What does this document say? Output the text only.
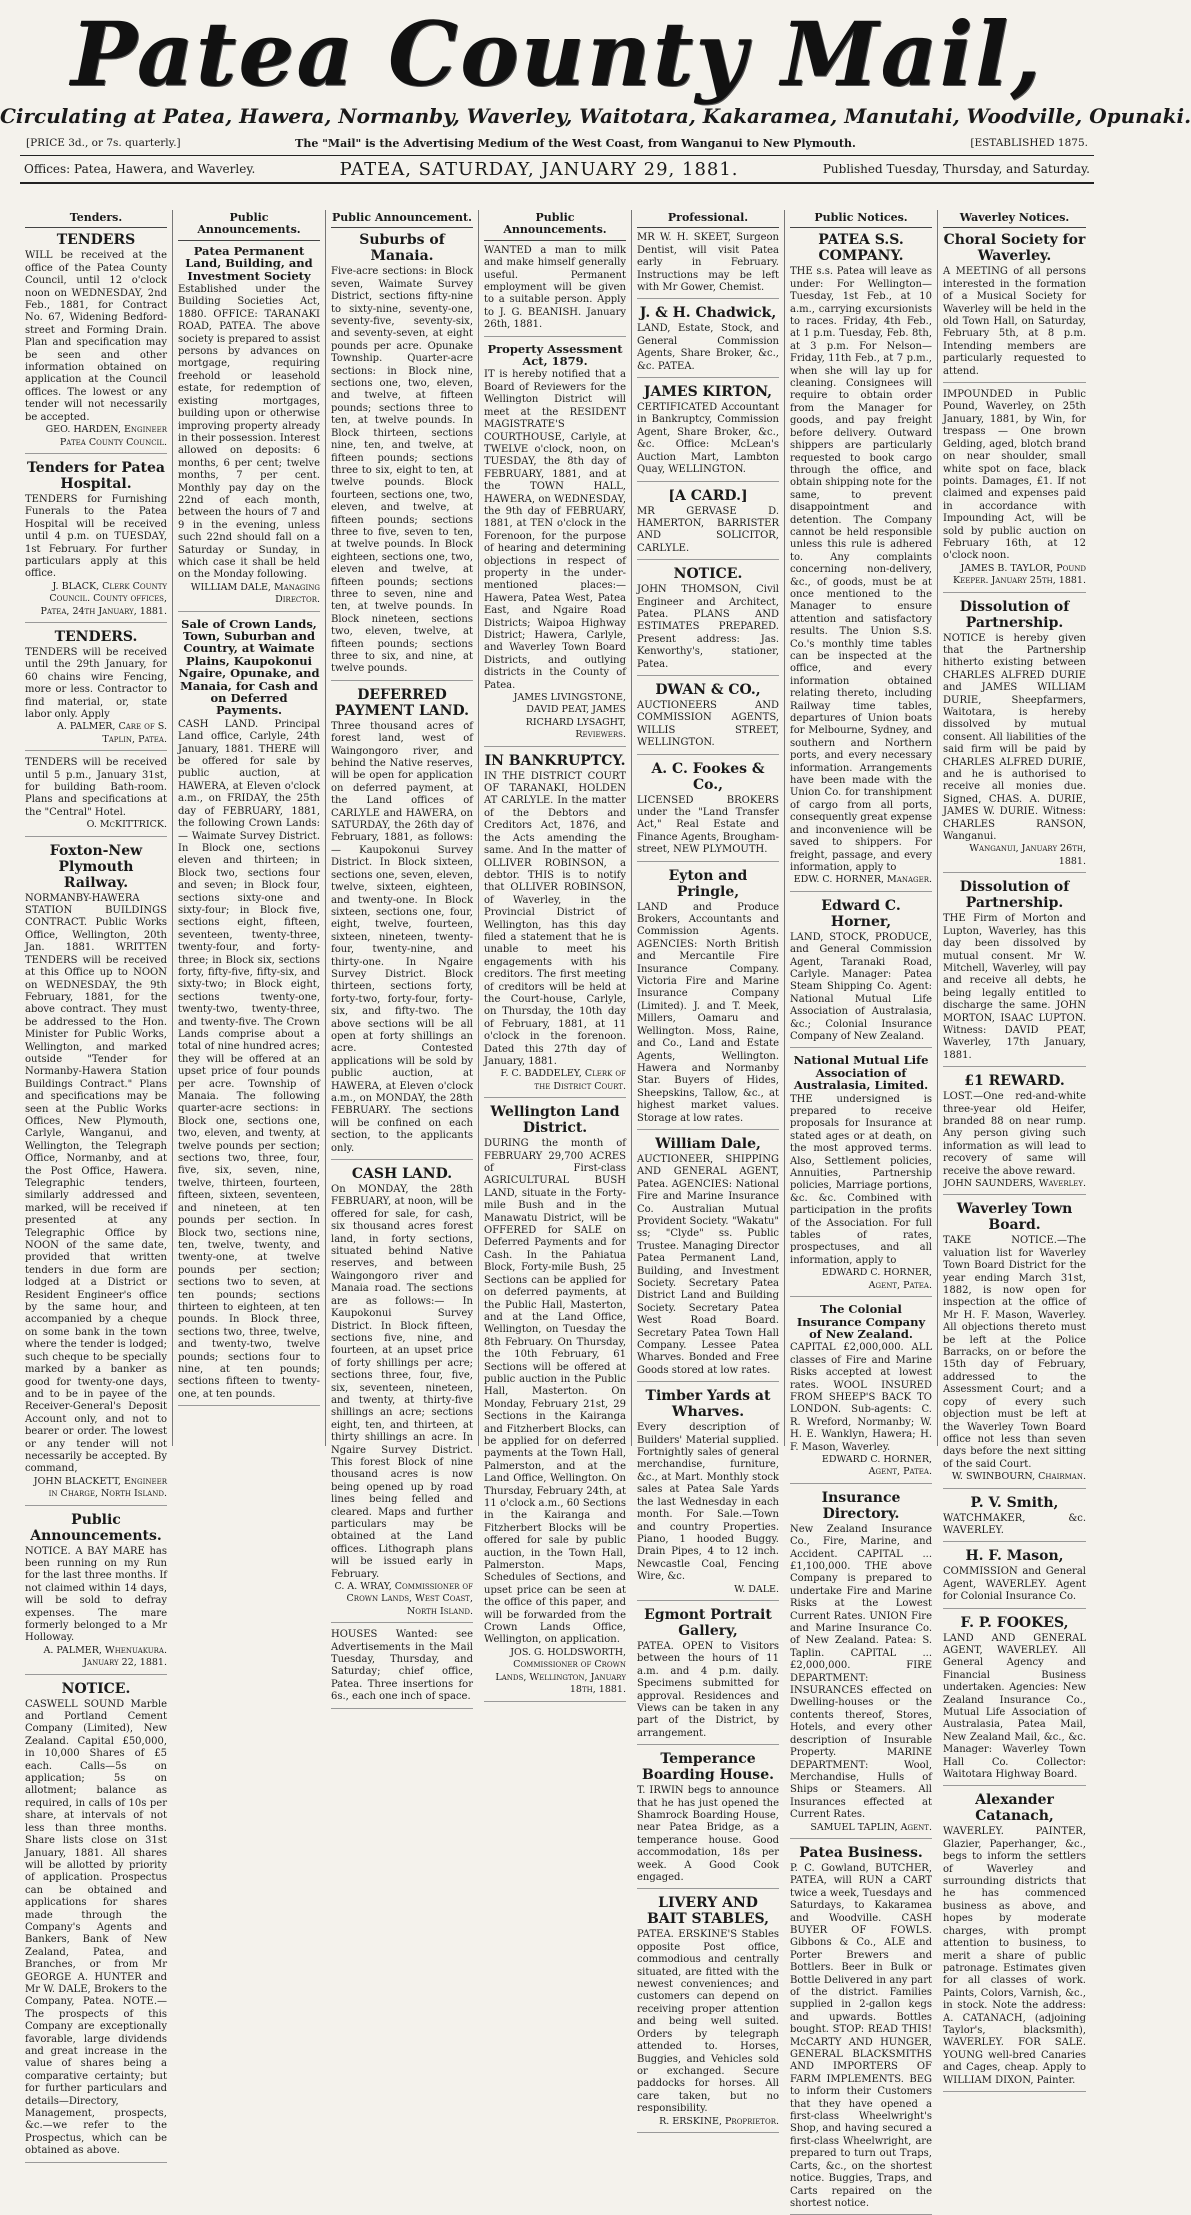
Patea County Mail,
Circulating at Patea, Hawera, Normanby, Waverley, Waitotara, Kakaramea, Manutahi, Woodville, Opunaki.
[PRICE 3d., or 7s. quarterly.]	The "Mail" is the Advertising Medium of the West Coast, from Wanganui to New Plymouth.	[ESTABLISHED 1875.
Offices: Patea, Hawera, and Waverley.	PATEA, SATURDAY, JANUARY 29, 1881.	Published Tuesday, Thursday, and Saturday.
Tenders.
TENDERS
WILL be received at the office of the Patea County Council, until 12 o'clock noon on WEDNESDAY, 2nd Feb., 1881, for Contract No. 67, Widening Bedford-street and Forming Drain. Plan and specification may be seen and other information obtained on application at the Council offices. The lowest or any tender will not necessarily be accepted.
GEO. HARDEN, Engineer Patea County Council.
Tenders for Patea Hospital.
TENDERS for Furnishing Funerals to the Patea Hospital will be received until 4 p.m. on TUESDAY, 1st February. For further particulars apply at this office.
J. BLACK, Clerk County Council. County offices, Patea, 24th January, 1881.
TENDERS.
TENDERS will be received until the 29th January, for 60 chains wire Fencing, more or less. Contractor to find material, or, state labor only. Apply
A. PALMER, Care of S. Taplin, Patea.
TENDERS will be received until 5 p.m., January 31st, for building Bath-room. Plans and specifications at the "Central" Hotel.
O. McKITTRICK.
Foxton-New Plymouth Railway.
NORMANBY-HAWERA STATION BUILDINGS CONTRACT. Public Works Office, Wellington, 20th Jan. 1881. WRITTEN TENDERS will be received at this Office up to NOON on WEDNESDAY, the 9th February, 1881, for the above contract. They must be addressed to the Hon. Minister for Public Works, Wellington, and marked outside "Tender for Normanby-Hawera Station Buildings Contract." Plans and specifications may be seen at the Public Works Offices, New Plymouth, Carlyle, Wanganui, and Wellington, the Telegraph Office, Normanby, and at the Post Office, Hawera. Telegraphic tenders, similarly addressed and marked, will be received if presented at any Telegraphic Office by NOON of the same date, provided that written tenders in due form are lodged at a District or Resident Engineer's office by the same hour, and accompanied by a cheque on some bank in the town where the tender is lodged; such cheque to be specially marked by a banker as good for twenty-one days, and to be in payee of the Receiver-General's Deposit Account only, and not to bearer or order. The lowest or any tender will not necessarily be accepted. By command,
JOHN BLACKETT, Engineer in Charge, North Island.
Public Announcements.
NOTICE. A BAY MARE has been running on my Run for the last three months. If not claimed within 14 days, will be sold to defray expenses. The mare formerly belonged to a Mr Holloway.
A. PALMER, Whenuakura. January 22, 1881.
NOTICE.
CASWELL SOUND Marble and Portland Cement Company (Limited), New Zealand. Capital £50,000, in 10,000 Shares of £5 each. Calls—5s on application; 5s on allotment; balance as required, in calls of 10s per share, at intervals of not less than three months. Share lists close on 31st January, 1881. All shares will be allotted by priority of application. Prospectus can be obtained and applications for shares made through the Company's Agents and Bankers, Bank of New Zealand, Patea, and Branches, or from Mr GEORGE A. HUNTER and Mr W. DALE, Brokers to the Company, Patea. NOTE.—The prospects of this Company are exceptionally favorable, large dividends and great increase in the value of shares being a comparative certainty; but for further particulars and details—Directory, Management, prospects, &c.—we refer to the Prospectus, which can be obtained as above.
Public Announcements.
Patea Permanent Land, Building, and Investment Society
Established under the Building Societies Act, 1880. OFFICE: TARANAKI ROAD, PATEA. The above society is prepared to assist persons by advances on mortgage, requiring freehold or leasehold estate, for redemption of existing mortgages, building upon or otherwise improving property already in their possession. Interest allowed on deposits: 6 months, 6 per cent; twelve months, 7 per cent. Monthly pay day on the 22nd of each month, between the hours of 7 and 9 in the evening, unless such 22nd should fall on a Saturday or Sunday, in which case it shall be held on the Monday following.
WILLIAM DALE, Managing Director.
Sale of Crown Lands, Town, Suburban and Country, at Waimate Plains, Kaupokonui Ngaire, Opunake, and Manaia, for Cash and on Deferred Payments.
CASH LAND. Principal Land office, Carlyle, 24th January, 1881. THERE will be offered for sale by public auction, at HAWERA, at Eleven o'clock a.m., on FRIDAY, the 25th day of FEBRUARY, 1881, the following Crown Lands:— Waimate Survey District. In Block one, sections eleven and thirteen; in Block two, sections four and seven; in Block four, sections sixty-one and sixty-four; in Block five, sections eight, fifteen, seventeen, twenty-three, twenty-four, and forty-three; in Block six, sections forty, fifty-five, fifty-six, and sixty-two; in Block eight, sections twenty-one, twenty-two, twenty-three, and twenty-five. The Crown Lands comprise about a total of nine hundred acres; they will be offered at an upset price of four pounds per acre. Township of Manaia. The following quarter-acre sections: in Block one, sections one, two, eleven, and twenty, at twelve pounds per section; sections two, three, four, five, six, seven, nine, twelve, thirteen, fourteen, fifteen, sixteen, seventeen, and nineteen, at ten pounds per section. In Block two, sections nine, ten, twelve, twenty, and twenty-one, at twelve pounds per section; sections two to seven, at ten pounds; sections thirteen to eighteen, at ten pounds. In Block three, sections two, three, twelve, and twenty-two, twelve pounds; sections four to nine, at ten pounds; sections fifteen to twenty-one, at ten pounds.
Public Announcement.
Suburbs of Manaia.
Five-acre sections: in Block seven, Waimate Survey District, sections fifty-nine to sixty-nine, seventy-one, seventy-five, seventy-six, and seventy-seven, at eight pounds per acre. Opunake Township. Quarter-acre sections: in Block nine, sections one, two, eleven, and twelve, at fifteen pounds; sections three to ten, at twelve pounds. In Block thirteen, sections nine, ten, and twelve, at fifteen pounds; sections three to six, eight to ten, at twelve pounds. Block fourteen, sections one, two, eleven, and twelve, at fifteen pounds; sections three to five, seven to ten, at twelve pounds. In Block eighteen, sections one, two, eleven and twelve, at fifteen pounds; sections three to seven, nine and ten, at twelve pounds. In Block nineteen, sections two, eleven, twelve, at fifteen pounds; sections three to six, and nine, at twelve pounds.
DEFERRED PAYMENT LAND.
Three thousand acres of forest land, west of Waingongoro river, and behind the Native reserves, will be open for application on deferred payment, at the Land offices of CARLYLE and HAWERA, on SATURDAY, the 26th day of February, 1881, as follows:— Kaupokonui Survey District. In Block sixteen, sections one, seven, eleven, twelve, sixteen, eighteen, and twenty-one. In Block sixteen, sections one, four, eight, twelve, fourteen, sixteen, nineteen, twenty-four, twenty-nine, and thirty-one. In Ngaire Survey District. Block thirteen, sections forty, forty-two, forty-four, forty-six, and fifty-two. The above sections will be all open at forty shillings an acre. Contested applications will be sold by public auction, at HAWERA, at Eleven o'clock a.m., on MONDAY, the 28th FEBRUARY. The sections will be confined on each section, to the applicants only.
CASH LAND.
On MONDAY, the 28th FEBRUARY, at noon, will be offered for sale, for cash, six thousand acres forest land, in forty sections, situated behind Native reserves, and between Waingongoro river and Manaia road. The sections are as follows:— In Kaupokonui Survey District. In Block fifteen, sections five, nine, and fourteen, at an upset price of forty shillings per acre; sections three, four, five, six, seventeen, nineteen, and twenty, at thirty-five shillings an acre; sections eight, ten, and thirteen, at thirty shillings an acre. In Ngaire Survey District. This forest Block of nine thousand acres is now being opened up by road lines being felled and cleared. Maps and further particulars may be obtained at the Land offices. Lithograph plans will be issued early in February.
C. A. WRAY, Commissioner of Crown Lands, West Coast, North Island.
HOUSES Wanted: see Advertisements in the Mail Tuesday, Thursday, and Saturday; chief office, Patea. Three insertions for 6s., each one inch of space.
Public Announcements.
WANTED a man to milk and make himself generally useful. Permanent employment will be given to a suitable person. Apply to J. G. BEANISH. January 26th, 1881.
Property Assessment Act, 1879.
IT is hereby notified that a Board of Reviewers for the Wellington District will meet at the RESIDENT MAGISTRATE'S COURTHOUSE, Carlyle, at TWELVE o'clock, noon, on TUESDAY, the 8th day of FEBRUARY, 1881, and at the TOWN HALL, HAWERA, on WEDNESDAY, the 9th day of FEBRUARY, 1881, at TEN o'clock in the Forenoon, for the purpose of hearing and determining objections in respect of property in the under-mentioned places:— Hawera, Patea West, Patea East, and Ngaire Road Districts; Waipoa Highway District; Hawera, Carlyle, and Waverley Town Board Districts, and outlying districts in the County of Patea.
JAMES LIVINGSTONE, DAVID PEAT, JAMES RICHARD LYSAGHT, Reviewers.
IN BANKRUPTCY.
IN THE DISTRICT COURT OF TARANAKI, HOLDEN AT CARLYLE. In the matter of the Debtors and Creditors Act, 1876, and the Acts amending the same. And In the matter of OLLIVER ROBINSON, a debtor. THIS is to notify that OLLIVER ROBINSON, of Waverley, in the Provincial District of Wellington, has this day filed a statement that he is unable to meet his engagements with his creditors. The first meeting of creditors will be held at the Court-house, Carlyle, on Thursday, the 10th day of February, 1881, at 11 o'clock in the forenoon. Dated this 27th day of January, 1881.
F. C. BADDELEY, Clerk of the District Court.
Wellington Land District.
DURING the month of FEBRUARY 29,700 ACRES of First-class AGRICULTURAL BUSH LAND, situate in the Forty-mile Bush and in the Manawatu District, will be OFFERED for SALE on Deferred Payments and for Cash. In the Pahiatua Block, Forty-mile Bush, 25 Sections can be applied for on deferred payments, at the Public Hall, Masterton, and at the Land Office, Wellington, on Tuesday the 8th February. On Thursday, the 10th February, 61 Sections will be offered at public auction in the Public Hall, Masterton. On Monday, February 21st, 29 Sections in the Kairanga and Fitzherbert Blocks, can be applied for on deferred payments at the Town Hall, Palmerston, and at the Land Office, Wellington. On Thursday, February 24th, at 11 o'clock a.m., 60 Sections in the Kairanga and Fitzherbert Blocks will be offered for sale by public auction, in the Town Hall, Palmerston. Maps, Schedules of Sections, and upset price can be seen at the office of this paper, and will be forwarded from the Crown Lands Office, Wellington, on application.
JOS. G. HOLDSWORTH, Commissioner of Crown Lands, Wellington, January 18th, 1881.
Professional.
MR W. H. SKEET, Surgeon Dentist, will visit Patea early in February. Instructions may be left with Mr Gower, Chemist.
J. & H. Chadwick,
LAND, Estate, Stock, and General Commission Agents, Share Broker, &c., &c. PATEA.
JAMES KIRTON,
CERTIFICATED Accountant in Bankruptcy, Commission Agent, Share Broker, &c., &c. Office: McLean's Auction Mart, Lambton Quay, WELLINGTON.
[A CARD.]
MR GERVASE D. HAMERTON, BARRISTER AND SOLICITOR, CARLYLE.
NOTICE.
JOHN THOMSON, Civil Engineer and Architect, Patea. PLANS AND ESTIMATES PREPARED. Present address: Jas. Kenworthy's, stationer, Patea.
DWAN & CO.,
AUCTIONEERS AND COMMISSION AGENTS, WILLIS STREET, WELLINGTON.
A. C. Fookes & Co.,
LICENSED BROKERS under the "Land Transfer Act," Real Estate and Finance Agents, Brougham-street, NEW PLYMOUTH.
Eyton and Pringle,
LAND and Produce Brokers, Accountants and Commission Agents. AGENCIES: North British and Mercantile Fire Insurance Company. Victoria Fire and Marine Insurance Company (Limited). J. and T. Meek, Millers, Oamaru and Wellington. Moss, Raine, and Co., Land and Estate Agents, Wellington. Hawera and Normanby Star. Buyers of Hides, Sheepskins, Tallow, &c., at highest market values. Storage at low rates.
William Dale,
AUCTIONEER, SHIPPING AND GENERAL AGENT, Patea. AGENCIES: National Fire and Marine Insurance Co. Australian Mutual Provident Society. "Wakatu" ss; "Clyde" ss. Public Trustee. Managing Director Patea Permanent Land, Building, and Investment Society. Secretary Patea District Land and Building Society. Secretary Patea West Road Board. Secretary Patea Town Hall Company. Lessee Patea Wharves. Bonded and Free Goods stored at low rates.
Timber Yards at Wharves.
Every description of Builders' Material supplied. Fortnightly sales of general merchandise, furniture, &c., at Mart. Monthly stock sales at Patea Sale Yards the last Wednesday in each month. For Sale.—Town and country Properties. Piano, 1 hooded Buggy. Drain Pipes, 4 to 12 inch. Newcastle Coal, Fencing Wire, &c.
W. DALE.
Egmont Portrait Gallery,
PATEA. OPEN to Visitors between the hours of 11 a.m. and 4 p.m. daily. Specimens submitted for approval. Residences and Views can be taken in any part of the District, by arrangement.
Temperance Boarding House.
T. IRWIN begs to announce that he has just opened the Shamrock Boarding House, near Patea Bridge, as a temperance house. Good accommodation, 18s per week. A Good Cook engaged.
LIVERY AND BAIT STABLES,
PATEA. ERSKINE'S Stables opposite Post office, commodious and centrally situated, are fitted with the newest conveniences; and customers can depend on receiving proper attention and being well suited. Orders by telegraph attended to. Horses, Buggies, and Vehicles sold or exchanged. Secure paddocks for horses. All care taken, but no responsibility.
R. ERSKINE, Proprietor.
Public Notices.
PATEA S.S. COMPANY.
THE s.s. Patea will leave as under: For Wellington— Tuesday, 1st Feb., at 10 a.m., carrying excursionists to races. Friday, 4th Feb., at 1 p.m. Tuesday, Feb. 8th, at 3 p.m. For Nelson— Friday, 11th Feb., at 7 p.m., when she will lay up for cleaning. Consignees will require to obtain order from the Manager for goods, and pay freight before delivery. Outward shippers are particularly requested to book cargo through the office, and obtain shipping note for the same, to prevent disappointment and detention. The Company cannot be held responsible unless this rule is adhered to. Any complaints concerning non-delivery, &c., of goods, must be at once mentioned to the Manager to ensure attention and satisfactory results. The Union S.S. Co.'s monthly time tables can be inspected at the office, and every information obtained relating thereto, including Railway time tables, departures of Union boats for Melbourne, Sydney, and southern and Northern ports, and every necessary information. Arrangements have been made with the Union Co. for transhipment of cargo from all ports, consequently great expense and inconvenience will be saved to shippers. For freight, passage, and every information, apply to
EDW. C. HORNER, Manager.
Edward C. Horner,
LAND, STOCK, PRODUCE, and General Commission Agent, Taranaki Road, Carlyle. Manager: Patea Steam Shipping Co. Agent: National Mutual Life Association of Australasia, &c.; Colonial Insurance Company of New Zealand.
National Mutual Life Association of Australasia, Limited.
THE undersigned is prepared to receive proposals for Insurance at stated ages or at death, on the most approved terms. Also, Settlement policies, Annuities, Partnership policies, Marriage portions, &c. &c. Combined with participation in the profits of the Association. For full tables of rates, prospectuses, and all information, apply to
EDWARD C. HORNER, Agent, Patea.
The Colonial Insurance Company of New Zealand.
CAPITAL £2,000,000. ALL classes of Fire and Marine Risks accepted at lowest rates. WOOL INSURED FROM SHEEP'S BACK TO LONDON. Sub-agents: C. R. Wreford, Normanby; W. H. E. Wanklyn, Hawera; H. F. Mason, Waverley.
EDWARD C. HORNER, Agent, Patea.
Insurance Directory.
New Zealand Insurance Co., Fire, Marine, and Accident. CAPITAL ... £1,100,000. THE above Company is prepared to undertake Fire and Marine Risks at the Lowest Current Rates. UNION Fire and Marine Insurance Co. of New Zealand. Patea: S. Taplin. CAPITAL ... £2,000,000. FIRE DEPARTMENT: INSURANCES effected on Dwelling-houses or the contents thereof, Stores, Hotels, and every other description of Insurable Property. MARINE DEPARTMENT: Wool, Merchandise, Hulls of Ships or Steamers. All Insurances effected at Current Rates.
SAMUEL TAPLIN, Agent.
Patea Business.
P. C. Gowland, BUTCHER, PATEA, will RUN a CART twice a week, Tuesdays and Saturdays, to Kakaramea and Woodville. CASH BUYER OF FOWLS. Gibbons & Co., ALE and Porter Brewers and Bottlers. Beer in Bulk or Bottle Delivered in any part of the district. Families supplied in 2-gallon kegs and upwards. Bottles bought. STOP: READ THIS! McCARTY AND HUNGER, GENERAL BLACKSMITHS AND IMPORTERS OF FARM IMPLEMENTS. BEG to inform their Customers that they have opened a first-class Wheelwright's Shop, and having secured a first-class Wheelwright, are prepared to turn out Traps, Carts, &c., on the shortest notice. Buggies, Traps, and Carts repaired on the shortest notice.
Waverley Notices.
Choral Society for Waverley.
A MEETING of all persons interested in the formation of a Musical Society for Waverley will be held in the old Town Hall, on Saturday, February 5th, at 8 p.m. Intending members are particularly requested to attend.
IMPOUNDED in Public Pound, Waverley, on 25th January, 1881, by Win, for trespass — One brown Gelding, aged, blotch brand on near shoulder, small white spot on face, black points. Damages, £1. If not claimed and expenses paid in accordance with Impounding Act, will be sold by public auction on February 16th, at 12 o'clock noon.
JAMES B. TAYLOR, Pound Keeper. January 25th, 1881.
Dissolution of Partnership.
NOTICE is hereby given that the Partnership hitherto existing between CHARLES ALFRED DURIE and JAMES WILLIAM DURIE, Sheepfarmers, Waitotara, is hereby dissolved by mutual consent. All liabilities of the said firm will be paid by CHARLES ALFRED DURIE, and he is authorised to receive all monies due. Signed, CHAS. A. DURIE, JAMES W. DURIE. Witness: CHARLES RANSON, Wanganui.
Wanganui, January 26th, 1881.
Dissolution of Partnership.
THE Firm of Morton and Lupton, Waverley, has this day been dissolved by mutual consent. Mr W. Mitchell, Waverley, will pay and receive all debts, he being legally entitled to discharge the same. JOHN MORTON, ISAAC LUPTON. Witness: DAVID PEAT, Waverley, 17th January, 1881.
£1 REWARD.
LOST.—One red-and-white three-year old Heifer, branded 88 on near rump. Any person giving such information as will lead to recovery of same will receive the above reward.
JOHN SAUNDERS, Waverley.
Waverley Town Board.
TAKE NOTICE.—The valuation list for Waverley Town Board District for the year ending March 31st, 1882, is now open for inspection at the office of Mr H. F. Mason, Waverley. All objections thereto must be left at the Police Barracks, on or before the 15th day of February, addressed to the Assessment Court; and a copy of every such objection must be left at the Waverley Town Board office not less than seven days before the next sitting of the said Court.
W. SWINBOURN, Chairman.
P. V. Smith,
WATCHMAKER, &c. WAVERLEY.
H. F. Mason,
COMMISSION and General Agent, WAVERLEY. Agent for Colonial Insurance Co.
F. P. FOOKES,
LAND AND GENERAL AGENT, WAVERLEY. All General Agency and Financial Business undertaken. Agencies: New Zealand Insurance Co., Mutual Life Association of Australasia, Patea Mail, New Zealand Mail, &c., &c. Manager: Waverley Town Hall Co. Collector: Waitotara Highway Board.
Alexander Catanach,
WAVERLEY. PAINTER, Glazier, Paperhanger, &c., begs to inform the settlers of Waverley and surrounding districts that he has commenced business as above, and hopes by moderate charges, with prompt attention to business, to merit a share of public patronage. Estimates given for all classes of work. Paints, Colors, Varnish, &c., in stock. Note the address: A. CATANACH, (adjoining Taylor's, blacksmith), WAVERLEY. FOR SALE. YOUNG well-bred Canaries and Cages, cheap. Apply to WILLIAM DIXON, Painter.
